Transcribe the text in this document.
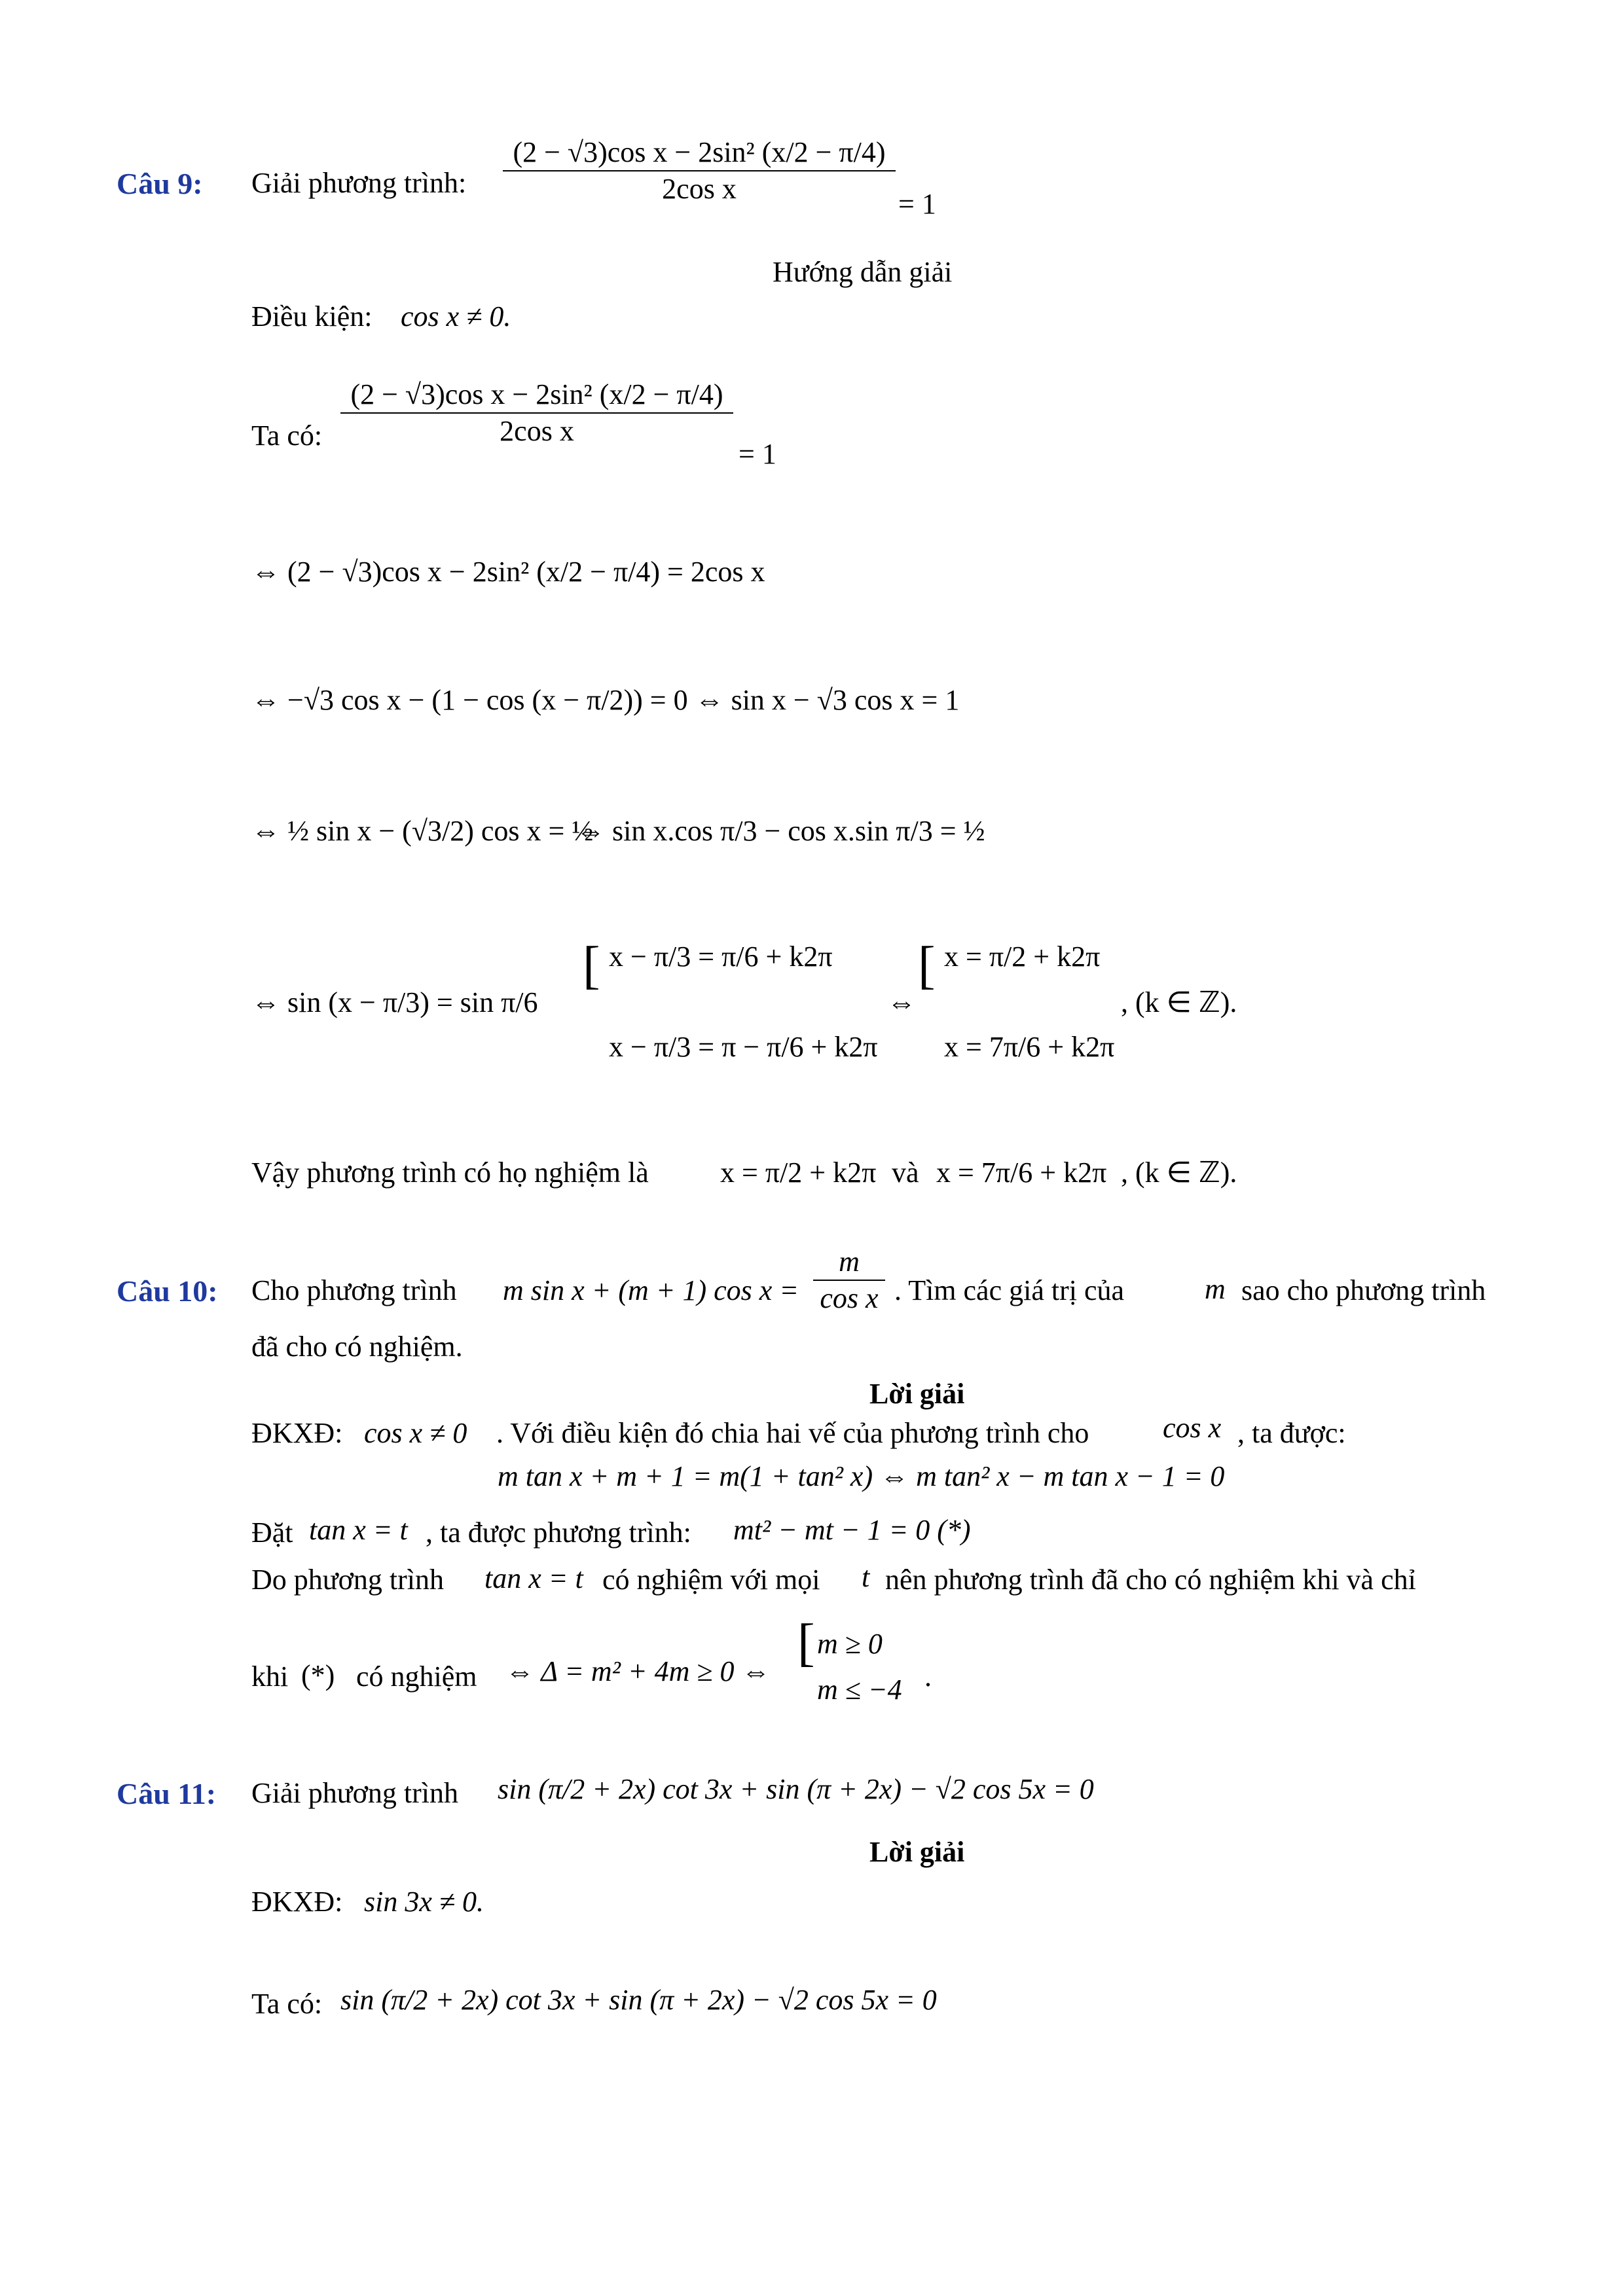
Câu 9: Giải phương trình:
(2 − √3)cos x − 2sin² (x/2 − π/4)
2cos x	= 1
Hướng dẫn giải
Điều kiện: cos x ≠ 0.
Ta có:
(2 − √3)cos x − 2sin² (x/2 − π/4)
2cos x
= 1
⇔ (2 − √3)cos x − 2sin² (x/2 − π/4) = 2cos x
⇔ −√3 cos x − (1 − cos (x − π/2)) = 0 ⇔ sin x − √3 cos x = 1
⇔ ½ sin x − (√3/2) cos x = ½
⇔ sin x.cos π/3 − cos x.sin π/3 = ½
⇔ sin (x − π/3) = sin π/6
[ x − π/3 = π/6 + k2π
x − π/3 = π − π/6 + k2π
⇔
[ x = π/2 + k2π
x = 7π/6 + k2π
, (k ∈ ℤ).
Vậy phương trình có họ nghiệm là x = π/2 + k2π và x = 7π/6 + k2π , (k ∈ ℤ).
Câu 10: Cho phương trình m sin x + (m + 1) cos x =
m
cos x . Tìm các giá trị của	m sao cho phương trình
đã cho có nghiệm.
Lời giải
ĐKXĐ: cos x ≠ 0 . Với điều kiện đó chia hai vế của phương trình cho	cos x , ta được:
m tan x + m + 1 = m(1 + tan² x) ⇔ m tan² x − m tan x − 1 = 0
Đặt tan x = t , ta được phương trình: mt² − mt − 1 = 0 (*)
Do phương trình tan x = t có nghiệm với mọi t nên phương trình đã cho có nghiệm khi và chỉ
khi (*) có nghiệm ⇔ Δ = m² + 4m ≥ 0 ⇔ [ m ≥ 0
m ≤ −4 .
Câu 11: Giải phương trình sin (π/2 + 2x) cot 3x + sin (π + 2x) − √2 cos 5x = 0
Lời giải
ĐKXĐ: sin 3x ≠ 0.
Ta có: sin (π/2 + 2x) cot 3x + sin (π + 2x) − √2 cos 5x = 0
